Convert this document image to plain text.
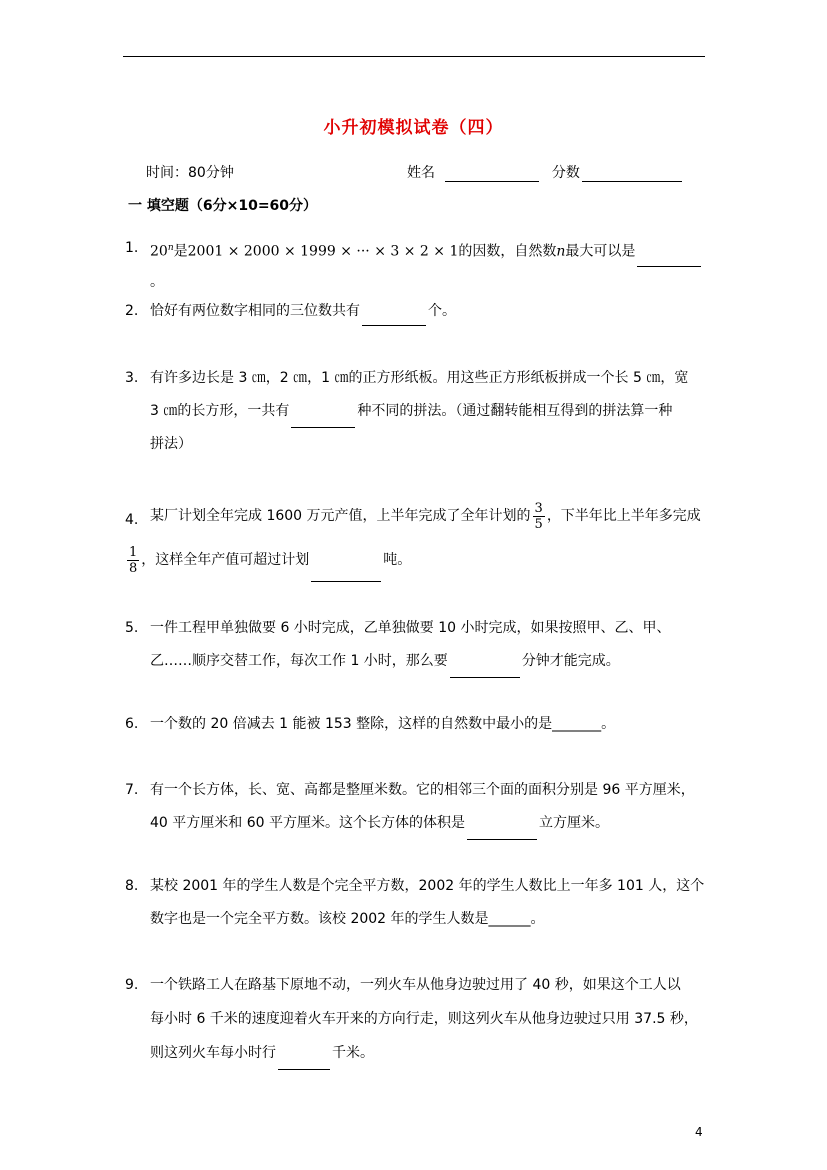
小升初模拟试卷（四）
时间：80分钟	姓名	分数
一 填空题（6分×10=60分）
1. 20$^n$是2001 × 2000 × 1999 × ··· × 3 × 2 × 1的因数，自然数n最大可以是。
2. 恰好有两位数字相同的三位数共有	个。
3. 有许多边长是 3 ㎝，2 ㎝，1 ㎝的正方形纸板。用这些正方形纸板拼成一个长 5 ㎝，宽
3 ㎝的长方形，一共有	种不同的拼法。（通过翻转能相互得到的拼法算一种
拼法）
4. 某厂计划全年完成 1600 万元产值，上半年完成了全年计划的 $\frac{3}{5}$ ，下半年比上半年多完成
$\frac{1}{8}$ ，这样全年产值可超过计划	吨。
5. 一件工程甲单独做要 6 小时完成，乙单独做要 10 小时完成，如果按照甲、乙、甲、
乙……顺序交替工作，每次工作 1 小时，那么要	分钟才能完成。
6. 一个数的 20 倍减去 1 能被 153 整除，这样的自然数中最小的是_______。
7. 有一个长方体，长、宽、高都是整厘米数。它的相邻三个面的面积分别是 96 平方厘米，
40 平方厘米和 60 平方厘米。这个长方体的体积是	立方厘米。
8. 某校 2001 年的学生人数是个完全平方数，2002 年的学生人数比上一年多 101 人，这个
数字也是一个完全平方数。该校 2002 年的学生人数是______。
9. 一个铁路工人在路基下原地不动，一列火车从他身边驶过用了 40 秒，如果这个工人以
每小时 6 千米的速度迎着火车开来的方向行走，则这列火车从他身边驶过只用 37.5 秒，
则这列火车每小时行	千米。
4
